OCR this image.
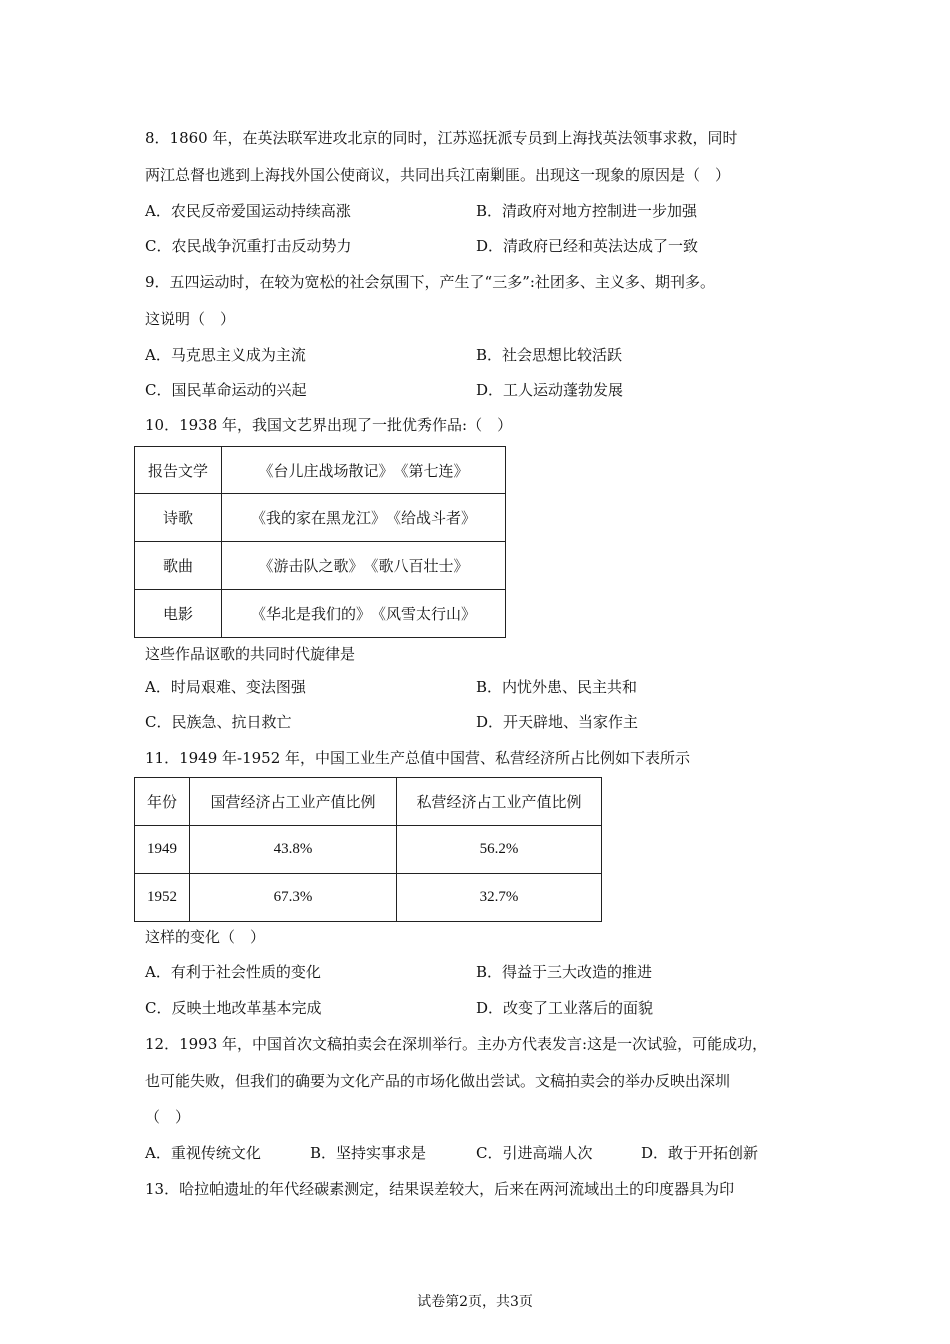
8．1860 年，在英法联军进攻北京的同时，江苏巡抚派专员到上海找英法领事求救，同时
两江总督也逃到上海找外国公使商议，共同出兵江南剿匪。出现这一现象的原因是（　）
A．农民反帝爱国运动持续高涨	B．清政府对地方控制进一步加强
C．农民战争沉重打击反动势力	D．清政府已经和英法达成了一致
9．五四运动时，在较为宽松的社会氛围下，产生了“三多”:社团多、主义多、期刊多。
这说明（　）
A．马克思主义成为主流	B．社会思想比较活跃
C．国民革命运动的兴起	D．工人运动蓬勃发展
10．1938 年，我国文艺界出现了一批优秀作品:（　）
报告文学	《台儿庄战场散记》　《第七连》
诗歌	《我的家在黑龙江》　《给战斗者》
歌曲	《游击队之歌》　《歌八百壮士》
电影	《华北是我们的》　《风雪太行山》
这些作品讴歌的共同时代旋律是
A．时局艰难、变法图强	B．内忧外患、民主共和
C．民族急、抗日救亡	D．开天辟地、当家作主
11．1949 年-1952 年，中国工业生产总值中国营、私营经济所占比例如下表所示
年份	国营经济占工业产值比例	私营经济占工业产值比例
1949	43.8%	56.2%
1952	67.3%	32.7%
这样的变化（　）
A．有利于社会性质的变化	B．得益于三大改造的推进
C．反映土地改革基本完成	D．改变了工业落后的面貌
12．1993 年，中国首次文稿拍卖会在深圳举行。主办方代表发言:这是一次试验，可能成功，
也可能失败，但我们的确要为文化产品的市场化做出尝试。文稿拍卖会的举办反映出深圳
（　）
A．重视传统文化	B．坚持实事求是	C．引进高端人次	D．敢于开拓创新
13．哈拉帕遗址的年代经碳素测定，结果误差较大，后来在两河流域出土的印度器具为印
试卷第2页，共3页
